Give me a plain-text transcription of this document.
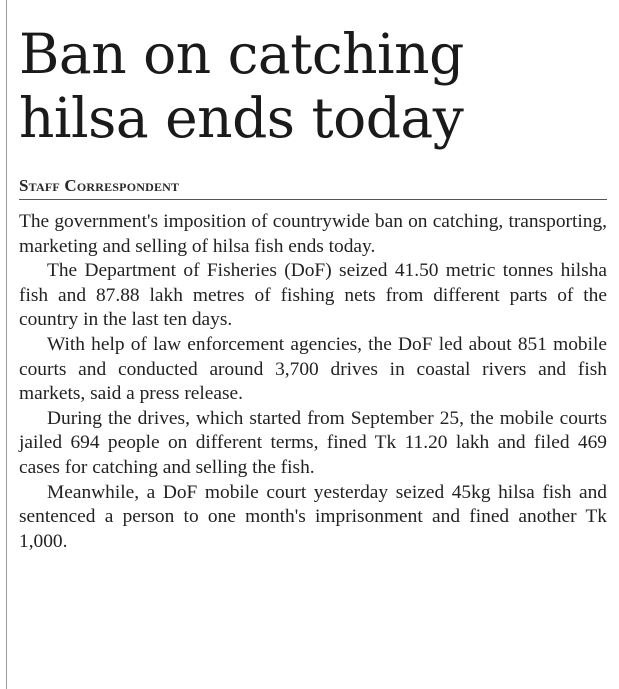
Ban on catching
hilsa ends today
Staff Correspondent

The government's imposition of countrywide ban on catching, transporting, marketing and selling of hilsa fish ends today.

The Department of Fisheries (DoF) seized 41.50 metric tonnes hilsha fish and 87.88 lakh metres of fishing nets from different parts of the country in the last ten days.

With help of law enforcement agencies, the DoF led about 851 mobile courts and conducted around 3,700 drives in coastal rivers and fish markets, said a press release.

During the drives, which started from September 25, the mobile courts jailed 694 people on different terms, fined Tk 11.20 lakh and filed 469 cases for catching and selling the fish.

Meanwhile, a DoF mobile court yesterday seized 45kg hilsa fish and sentenced a person to one month's imprisonment and fined another Tk 1,000.
